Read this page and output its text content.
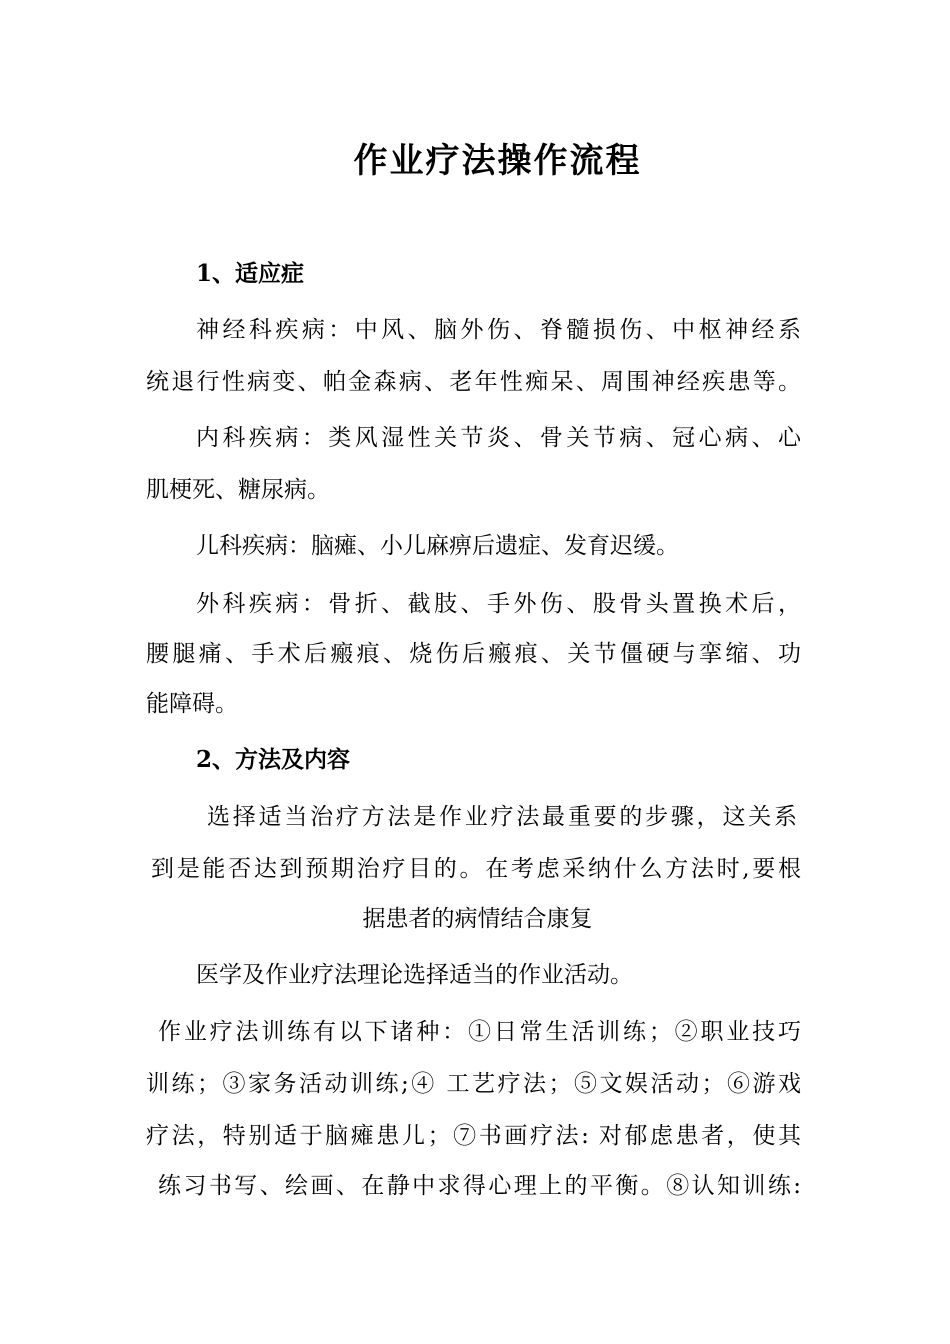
作业疗法操作流程
1、适应症
神经科疾病：中风、脑外伤、脊髓损伤、中枢神经系
统退行性病变、帕金森病、老年性痴呆、周围神经疾患等。
内科疾病：类风湿性关节炎、骨关节病、冠心病、心
肌梗死、糖尿病。
儿科疾病：脑瘫、小儿麻痹后遗症、发育迟缓。
外科疾病：骨折、截肢、手外伤、股骨头置换术后，
腰腿痛、手术后瘢痕、烧伤后瘢痕、关节僵硬与挛缩、功
能障碍。
2、方法及内容
选择适当治疗方法是作业疗法最重要的步骤，这关系
到是能否达到预期治疗目的。在考虑采纳什么方法时,要根
据患者的病情结合康复
医学及作业疗法理论选择适当的作业活动。
作业疗法训练有以下诸种：①日常生活训练；②职业技巧
训练；③家务活动训练;④ 工艺疗法；⑤文娱活动；⑥游戏
疗法，特别适于脑瘫患儿；⑦书画疗法: 对郁虑患者，使其
练习书写、绘画、在静中求得心理上的平衡。⑧认知训练:
